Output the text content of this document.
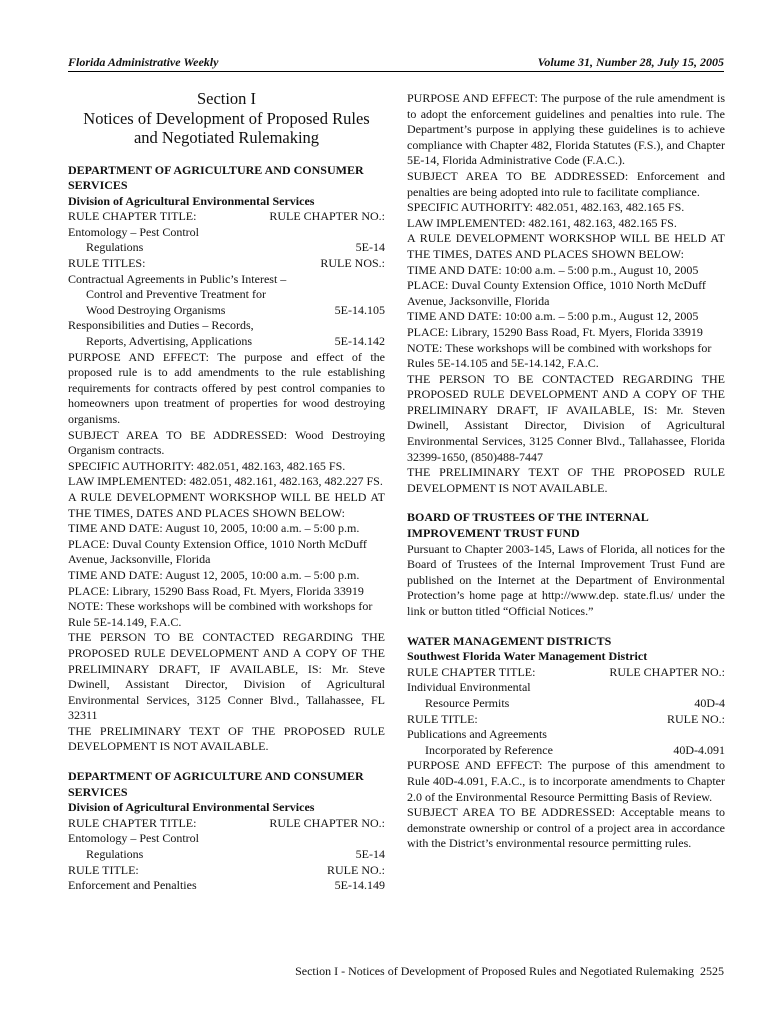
Florida Administrative Weekly	Volume 31, Number 28, July 15, 2005
Section I
Notices of Development of Proposed Rules
and Negotiated Rulemaking

DEPARTMENT OF AGRICULTURE AND CONSUMER SERVICES

Division of Agricultural Environmental Services

RULE CHAPTER TITLE:	RULE CHAPTER NO.:

Entomology – Pest Control

Regulations	5E-14
RULE TITLES:	RULE NOS.:

Contractual Agreements in Public’s Interest –

Control and Preventive Treatment for

Wood Destroying Organisms	5E-14.105

Responsibilities and Duties – Records,

Reports, Advertising, Applications	5E-14.142

PURPOSE AND EFFECT: The purpose and effect of the proposed rule is to add amendments to the rule establishing requirements for contracts offered by pest control companies to homeowners upon treatment of properties for wood destroying organisms.

SUBJECT AREA TO BE ADDRESSED: Wood Destroying Organism contracts.

SPECIFIC AUTHORITY: 482.051, 482.163, 482.165 FS.

LAW IMPLEMENTED: 482.051, 482.161, 482.163, 482.227 FS.

A RULE DEVELOPMENT WORKSHOP WILL BE HELD AT THE TIMES, DATES AND PLACES SHOWN BELOW:

TIME AND DATE: August 10, 2005, 10:00 a.m. – 5:00 p.m.

PLACE: Duval County Extension Office, 1010 North McDuff Avenue, Jacksonville, Florida

TIME AND DATE: August 12, 2005, 10:00 a.m. – 5:00 p.m.

PLACE: Library, 15290 Bass Road, Ft. Myers, Florida 33919

NOTE: These workshops will be combined with workshops for Rule 5E-14.149, F.A.C.

THE PERSON TO BE CONTACTED REGARDING THE PROPOSED RULE DEVELOPMENT AND A COPY OF THE PRELIMINARY DRAFT, IF AVAILABLE, IS: Mr. Steve Dwinell, Assistant Director, Division of Agricultural Environmental Services, 3125 Conner Blvd., Tallahassee, FL 32311

THE PRELIMINARY TEXT OF THE PROPOSED RULE DEVELOPMENT IS NOT AVAILABLE.

DEPARTMENT OF AGRICULTURE AND CONSUMER SERVICES

Division of Agricultural Environmental Services

RULE CHAPTER TITLE:	RULE CHAPTER NO.:

Entomology – Pest Control

Regulations	5E-14
RULE TITLE:	RULE NO.:
Enforcement and Penalties	5E-14.149

PURPOSE AND EFFECT: The purpose of the rule amendment is to adopt the enforcement guidelines and penalties into rule. The Department’s purpose in applying these guidelines is to achieve compliance with Chapter 482, Florida Statutes (F.S.), and Chapter 5E-14, Florida Administrative Code (F.A.C.).

SUBJECT AREA TO BE ADDRESSED: Enforcement and penalties are being adopted into rule to facilitate compliance.

SPECIFIC AUTHORITY: 482.051, 482.163, 482.165 FS.

LAW IMPLEMENTED: 482.161, 482.163, 482.165 FS.

A RULE DEVELOPMENT WORKSHOP WILL BE HELD AT THE TIMES, DATES AND PLACES SHOWN BELOW:

TIME AND DATE: 10:00 a.m. – 5:00 p.m., August 10, 2005

PLACE: Duval County Extension Office, 1010 North McDuff Avenue, Jacksonville, Florida

TIME AND DATE: 10:00 a.m. – 5:00 p.m., August 12, 2005

PLACE: Library, 15290 Bass Road, Ft. Myers, Florida 33919

NOTE: These workshops will be combined with workshops for Rules 5E-14.105 and 5E-14.142, F.A.C.

THE PERSON TO BE CONTACTED REGARDING THE PROPOSED RULE DEVELOPMENT AND A COPY OF THE PRELIMINARY DRAFT, IF AVAILABLE, IS: Mr. Steven Dwinell, Assistant Director, Division of Agricultural Environmental Services, 3125 Conner Blvd., Tallahassee, Florida 32399-1650, (850)488-7447

THE PRELIMINARY TEXT OF THE PROPOSED RULE DEVELOPMENT IS NOT AVAILABLE.

BOARD OF TRUSTEES OF THE INTERNAL IMPROVEMENT TRUST FUND

Pursuant to Chapter 2003-145, Laws of Florida, all notices for the Board of Trustees of the Internal Improvement Trust Fund are published on the Internet at the Department of Environmental Protection’s home page at http://www.dep. state.fl.us/ under the link or button titled “Official Notices.”

WATER MANAGEMENT DISTRICTS

Southwest Florida Water Management District

RULE CHAPTER TITLE:	RULE CHAPTER NO.:

Individual Environmental

Resource Permits	40D-4
RULE TITLE:	RULE NO.:

Publications and Agreements

Incorporated by Reference	40D-4.091

PURPOSE AND EFFECT: The purpose of this amendment to Rule 40D-4.091, F.A.C., is to incorporate amendments to Chapter 2.0 of the Environmental Resource Permitting Basis of Review.

SUBJECT AREA TO BE ADDRESSED: Acceptable means to demonstrate ownership or control of a project area in accordance with the District’s environmental resource permitting rules.

Section I - Notices of Development of Proposed Rules and Negotiated Rulemaking 2525
